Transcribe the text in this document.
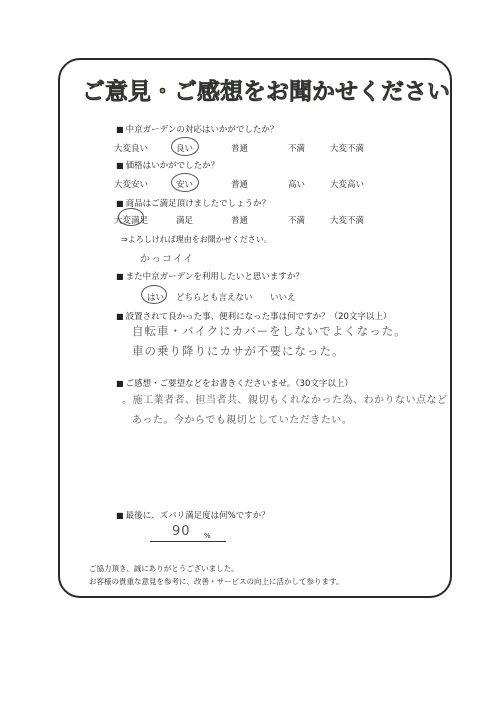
ご意見・ご感想をお聞かせください
■ 中京ガーデンの対応はいかがでしたか？
大変良い	良い	普通	不満	大変不満
■ 価格はいかがでしたか？
大変安い	安い	普通	高い	大変高い
■ 商品はご満足頂けましたでしょうか？
大変満足	満足	普通	不満	大変不満
⇒よろしければ理由をお聞かせください。
かっコイイ
■ また中京ガーデンを利用したいと思いますか？
はい どちらとも言えない いいえ
■ 設置されて良かった事、便利になった事は何ですか？（20文字以上）
自転車・バイクにカバーをしないでよくなった。
車の乗り降りにカサが不要になった。
■ ご感想・ご要望などをお書きくださいませ。（30文字以上）
。施工業者者、担当者共、親切もくれなかった為、わかりない点など
あった。今からでも親切としていただきたい。
■ 最後に、ズバリ満足度は何%ですか？
90 %
ご協力頂き、誠にありがとうございました。
お客様の貴重な意見を参考に、改善・サービスの向上に活かして参ります。
